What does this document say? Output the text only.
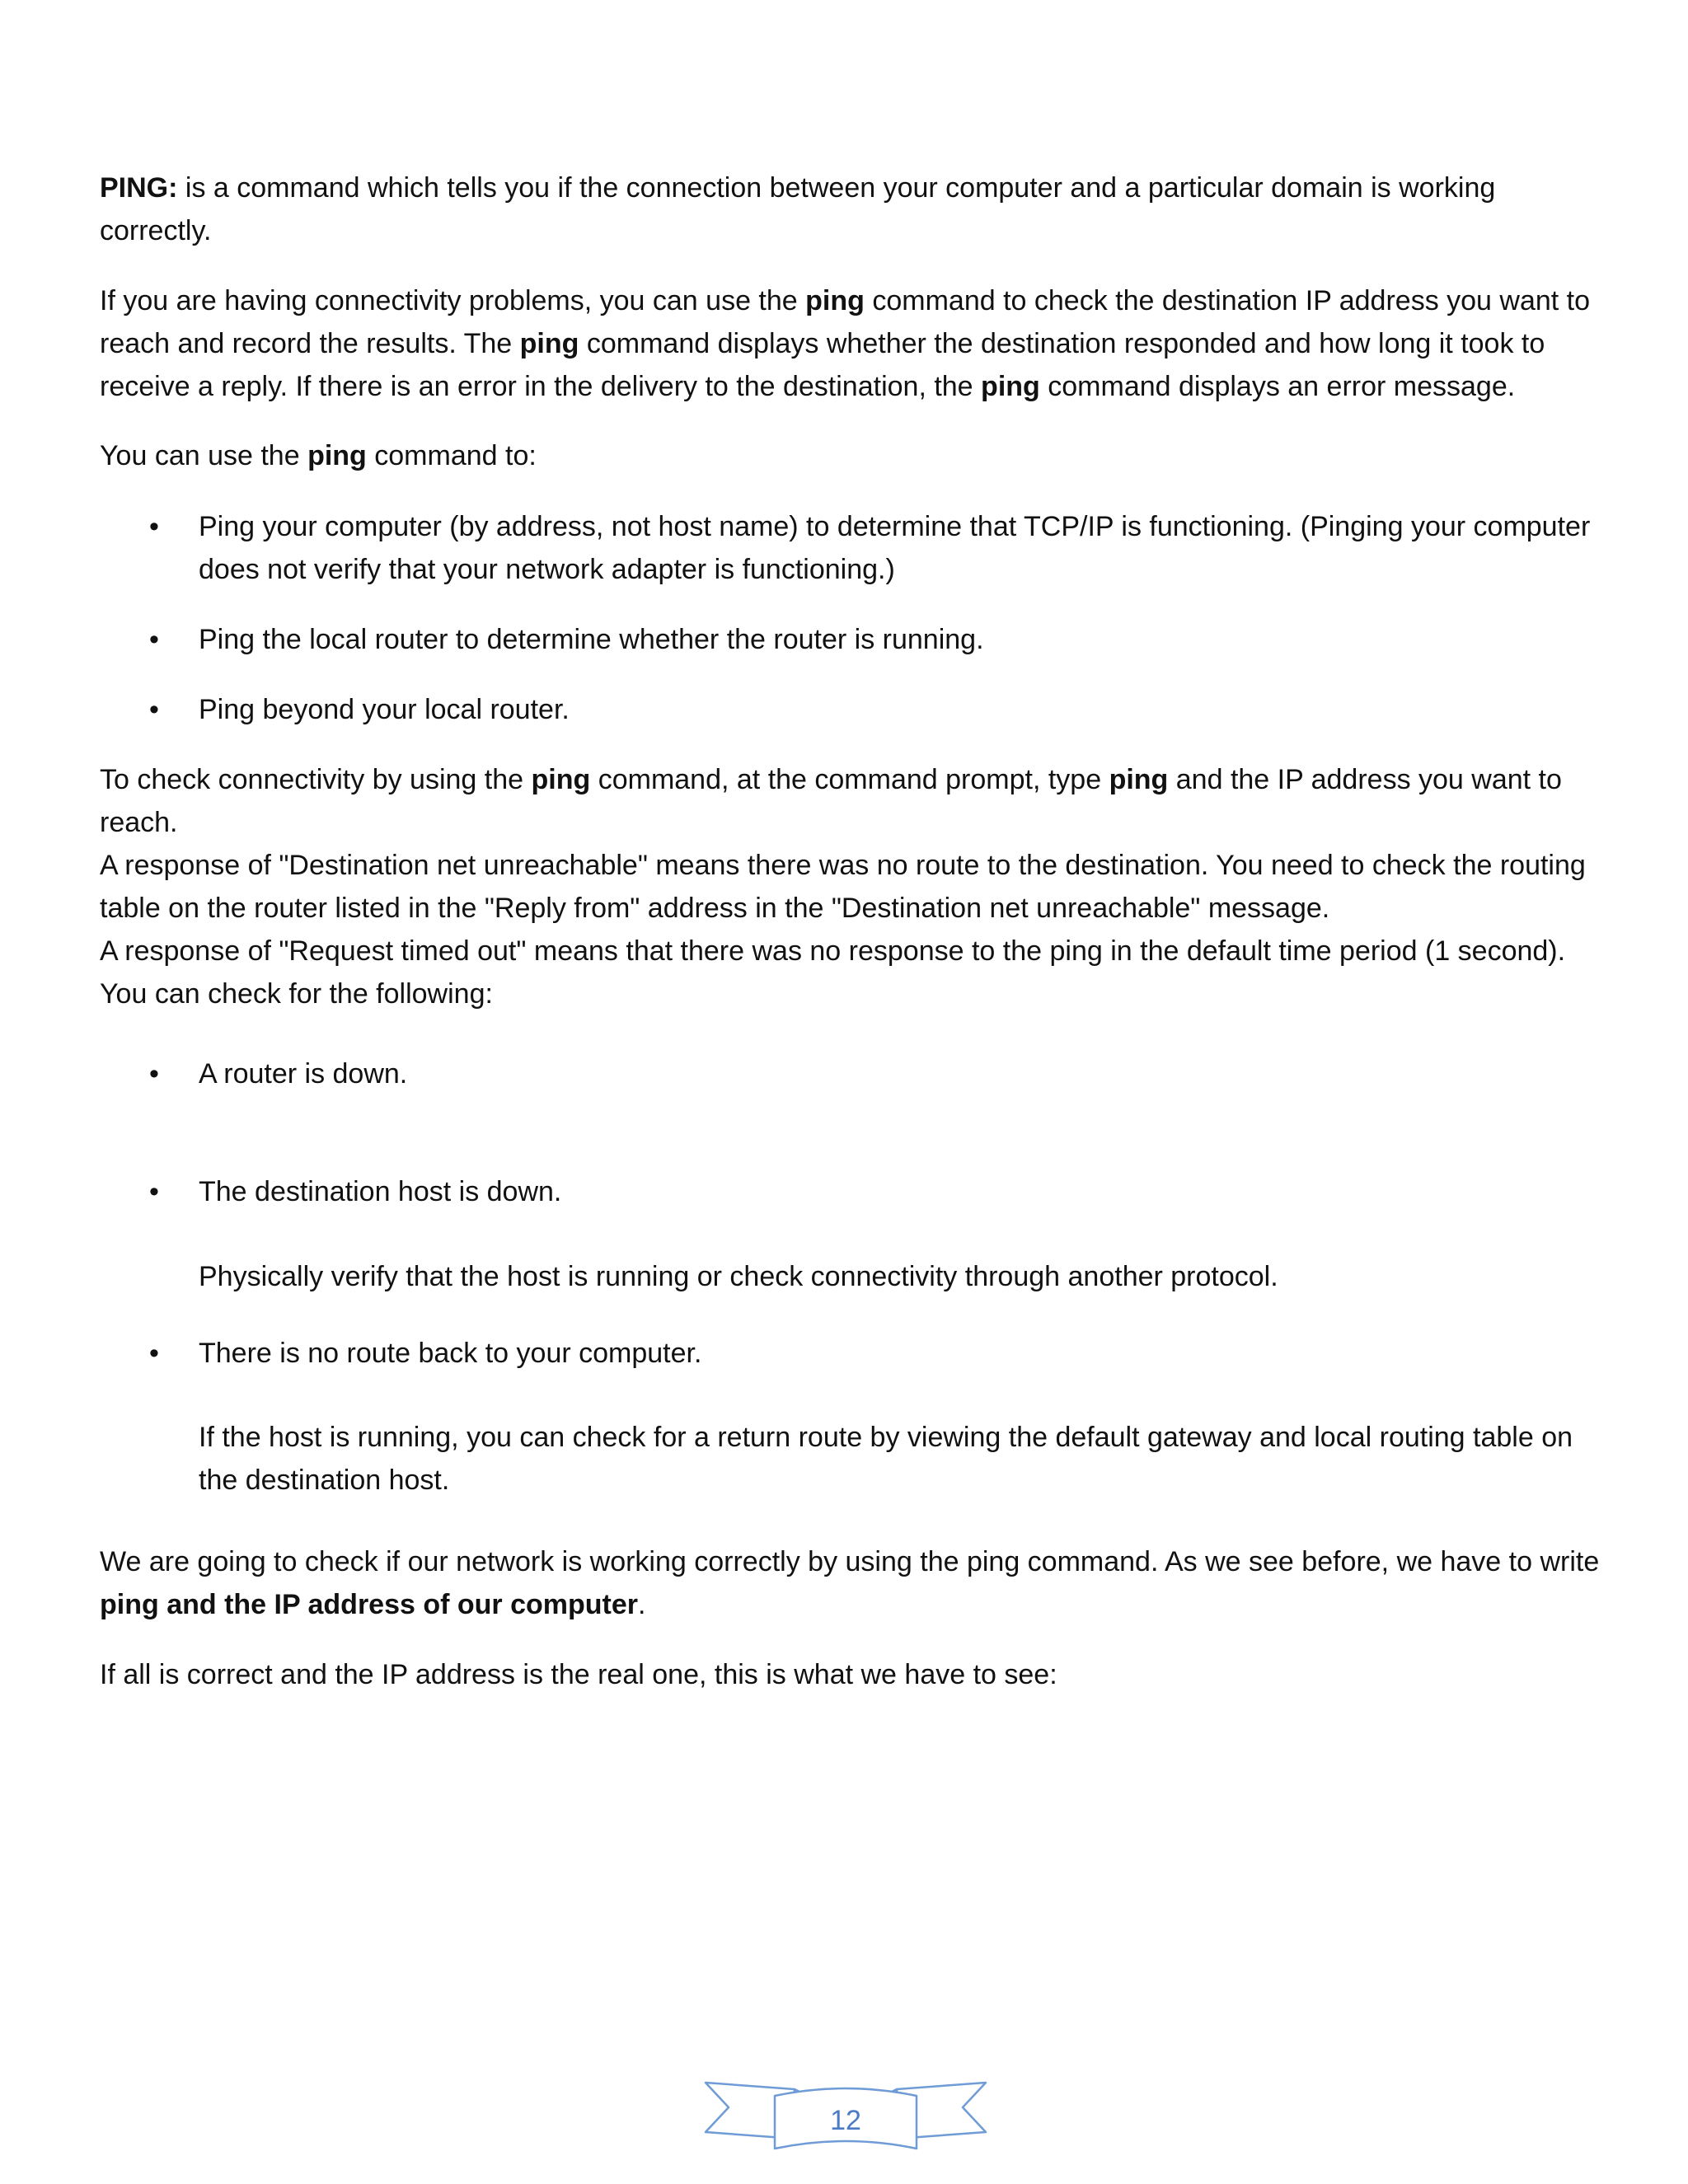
PING: is a command which tells you if the connection between your computer and a particular domain is working correctly.

If you are having connectivity problems, you can use the ping command to check the destination IP address you want to reach and record the results. The ping command displays whether the destination responded and how long it took to receive a reply. If there is an error in the delivery to the destination, the ping command displays an error message.

You can use the ping command to:

•	Ping your computer (by address, not host name) to determine that TCP/IP is functioning. (Pinging your computer does not verify that your network adapter is functioning.)
•	Ping the local router to determine whether the router is running.
•	Ping beyond your local router.
To check connectivity by using the ping command, at the command prompt, type ping and the IP address you want to reach.
A response of "Destination net unreachable" means there was no route to the destination. You need to check the routing table on the router listed in the "Reply from" address in the "Destination net unreachable" message.
A response of "Request timed out" means that there was no response to the ping in the default time period (1 second). You can check for the following:
•	A router is down.
•	The destination host is down.

Physically verify that the host is running or check connectivity through another protocol.

•	There is no route back to your computer.

If the host is running, you can check for a return route by viewing the default gateway and local routing table on the destination host.

We are going to check if our network is working correctly by using the ping command. As we see before, we have to write ping and the IP address of our computer.

If all is correct and the IP address is the real one, this is what we have to see:

12
